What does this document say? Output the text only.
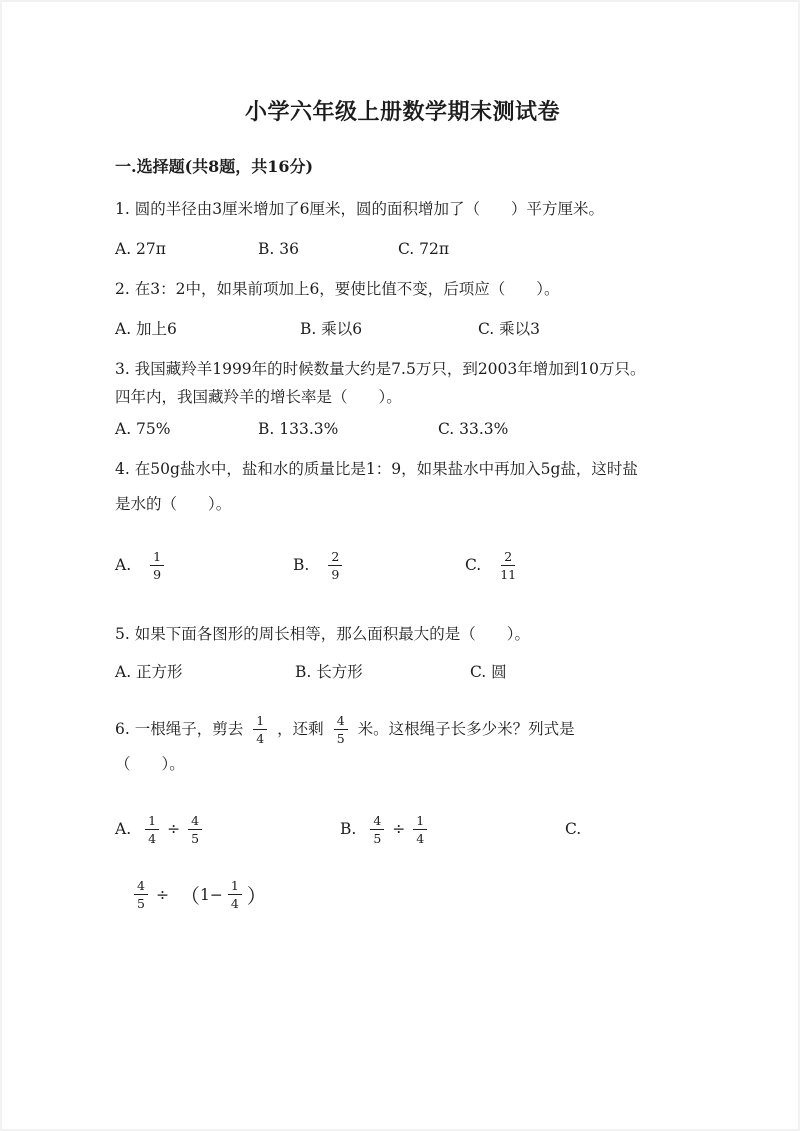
小学六年级上册数学期末测试卷

一.选择题(共8题，共16分)

1. 圆的半径由3厘米增加了6厘米，圆的面积增加了（　　）平方厘米。

A. 27π	B. 36	C. 72π

2. 在3：2中，如果前项加上6，要使比值不变，后项应（　　）。

A. 加上6	B. 乘以6	C. 乘以3

3. 我国藏羚羊1999年的时候数量大约是7.5万只，到2003年增加到10万只。

四年内，我国藏羚羊的增长率是（　　）。

A. 75%	B. 133.3%	C. 33.3%

4. 在50g盐水中，盐和水的质量比是1：9，如果盐水中再加入5g盐，这时盐

是水的（　　）。

A. $\frac{1}{9}$	B. $\frac{2}{9}$	C. $\frac{2}{11}$

5. 如果下面各图形的周长相等，那么面积最大的是（　　）。

A. 正方形	B. 长方形	C. 圆
6. 一根绳子，剪去 $\frac{1}{4}$ ，还剩 $\frac{4}{5}$ 米。这根绳子长多少米？列式是

（　　）。

A. $\frac{1}{4} \div \frac{4}{5}$	B. $\frac{4}{5} \div \frac{1}{4}$	C.
$\frac{4}{5}$ ÷ （ $1- \frac{1}{4}$ ）
